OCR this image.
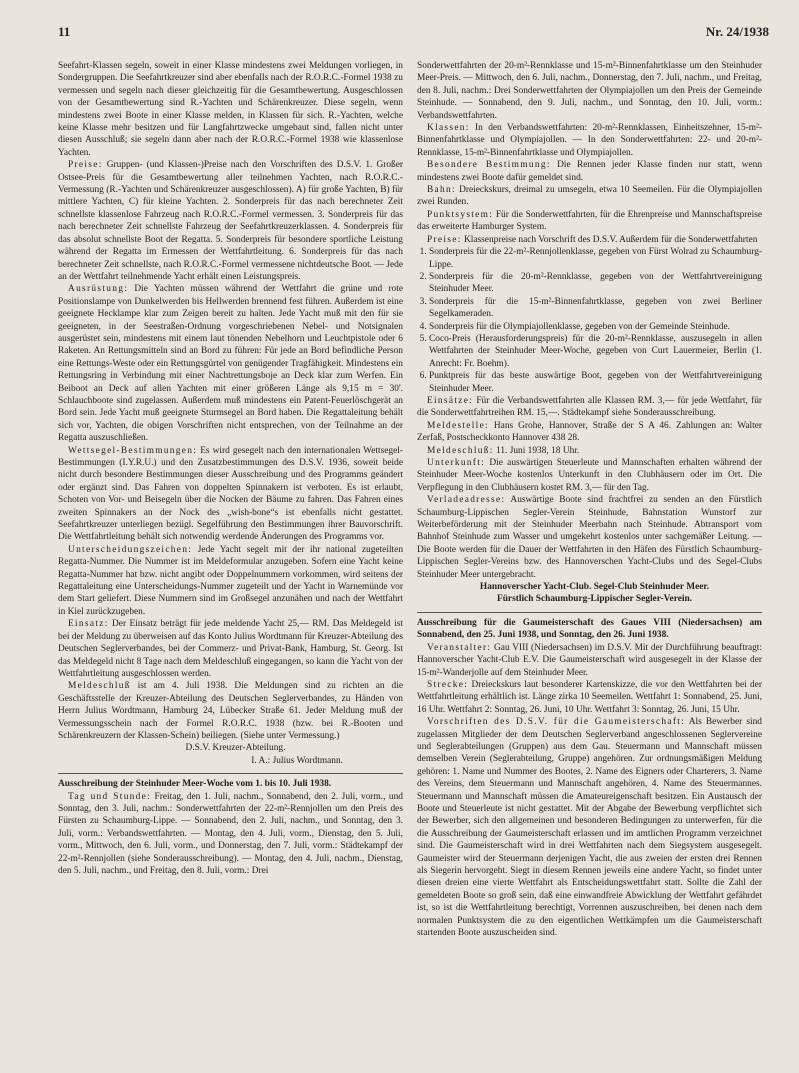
11	Nr. 24/1938

Seefahrt-Klassen segeln, soweit in einer Klasse mindestens zwei Meldungen vorliegen, in Sondergruppen. Die Seefahrtkreuzer sind aber ebenfalls nach der R.O.R.C.-Formel 1938 zu vermessen und segeln nach dieser gleichzeitig für die Gesamtbewertung. Ausgeschlossen von der Gesamtbewertung sind R.-Yachten und Schärenkreuzer. Diese segeln, wenn mindestens zwei Boote in einer Klasse melden, in Klassen für sich. R.-Yachten, welche keine Klasse mehr besitzen und für Langfahrtzwecke umgebaut sind, fallen nicht unter diesen Ausschluß; sie segeln dann aber nach der R.O.R.C.-Formel 1938 wie klassenlose Yachten.

Preise: Gruppen- (und Klassen-)Preise nach den Vorschriften des D.S.V. 1. Großer Ostsee-Preis für die Gesamtbewertung aller teilnehmen Yachten, nach R.O.R.C.-Vermessung (R.-Yachten und Schärenkreuzer ausgeschlossen). A) für große Yachten, B) für mittlere Yachten, C) für kleine Yachten. 2. Sonderpreis für das nach berechneter Zeit schnellste klassenlose Fahrzeug nach R.O.R.C.-Formel vermessen. 3. Sonderpreis für das nach berechneter Zeit schnellste Fahrzeug der Seefahrtkreuzerklassen. 4. Sonderpreis für das absolut schnellste Boot der Regatta. 5. Sonderpreis für besondere sportliche Leistung während der Regatta im Ermessen der Wettfahrtleitung. 6. Sonderpreis für das nach berechneter Zeit schnellste, nach R.O.R.C.-Formel vermessene nichtdeutsche Boot. — Jede an der Wettfahrt teilnehmende Yacht erhält einen Leistungspreis.

Ausrüstung: Die Yachten müssen während der Wettfahrt die grüne und rote Positionslampe von Dunkelwerden bis Hellwerden brennend fest führen. Außerdem ist eine geeignete Hecklampe klar zum Zeigen bereit zu halten. Jede Yacht muß mit den für sie geeigneten, in der Seestraßen-Ordnung vorgeschriebenen Nebel- und Notsignalen ausgerüstet sein, mindestens mit einem laut tönenden Nebelhorn und Leuchtpistole oder 6 Raketen. An Rettungsmitteln sind an Bord zu führen: Für jede an Bord befindliche Person eine Rettungs-Weste oder ein Rettungsgürtel von genügender Tragfähigkeit. Mindestens ein Rettungsring in Verbindung mit einer Nachtrettungsboje an Deck klar zum Werfen. Ein Beiboot an Deck auf allen Yachten mit einer größeren Länge als 9,15 m = 30'. Schlauchboote sind zugelassen. Außerdem muß mindestens ein Patent-Feuerlöschgerät an Bord sein. Jede Yacht muß geeignete Sturmsegel an Bord haben. Die Regattaleitung behält sich vor, Yachten, die obigen Vorschriften nicht entsprechen, von der Teilnahme an der Regatta auszuschließen.

Wettsegel-Bestimmungen: Es wird gesegelt nach den internationalen Wettsegel-Bestimmungen (I.Y.R.U.) und den Zusatzbestimmungen des D.S.V. 1936, soweit beide nicht durch besondere Bestimmungen dieser Ausschreibung und des Programms geändert oder ergänzt sind. Das Fahren von doppelten Spinnakern ist verboten. Es ist erlaubt, Schoten von Vor- und Beisegeln über die Nocken der Bäume zu fahren. Das Fahren eines zweiten Spinnakers an der Nock des „wish-bone“s ist ebenfalls nicht gestattet. Seefahrtkreuzer unterliegen bezügl. Segelführung den Bestimmungen ihrer Bauvorschrift. Die Wettfahrtleitung behält sich notwendig werdende Änderungen des Programms vor.

Unterscheidungszeichen: Jede Yacht segelt mit der ihr national zugeteilten Regatta-Nummer. Die Nummer ist im Meldeformular anzugeben. Sofern eine Yacht keine Regatta-Nummer hat bzw. nicht angibt oder Doppelnummern vorkommen, wird seitens der Regattaleitung eine Unterscheidungs-Nummer zugeteilt und der Yacht in Warnemünde vor dem Start geliefert. Diese Nummern sind im Großsegel anzunähen und nach der Wettfahrt in Kiel zurückzugeben.

Einsatz: Der Einsatz beträgt für jede meldende Yacht 25,— RM. Das Meldegeld ist bei der Meldung zu überweisen auf das Konto Julius Wordtmann für Kreuzer-Abteilung des Deutschen Seglerverbandes, bei der Commerz- und Privat-Bank, Hamburg, St. Georg. Ist das Meldegeld nicht 8 Tage nach dem Meldeschluß eingegangen, so kann die Yacht von der Wettfahrtleitung ausgeschlossen werden.

Meldeschluß ist am 4. Juli 1938. Die Meldungen sind zu richten an die Geschäftsstelle der Kreuzer-Abteilung des Deutschen Seglerverbandes, zu Händen von Herrn Julius Wordtmann, Hamburg 24, Lübecker Straße 61. Jeder Meldung muß der Vermessungsschein nach der Formel R.O.R.C. 1938 (bzw. bei R.-Booten und Schärenkreuzern der Klassen-Schein) beiliegen. (Siehe unter Vermessung.)

D.S.V. Kreuzer-Abteilung.

I. A.: Julius Wordtmann.

Ausschreibung der Steinhuder Meer-Woche vom 1. bis 10. Juli 1938.

Tag und Stunde: Freitag, den 1. Juli, nachm., Sonnabend, den 2. Juli, vorm., und Sonntag, den 3. Juli, nachm.: Sonderwettfahrten der 22-m²-Rennjollen um den Preis des Fürsten zu Schaumburg-Lippe. — Sonnabend, den 2. Juli, nachm., und Sonntag, den 3. Juli, vorm.: Verbandswettfahrten. — Montag, den 4. Juli, vorm., Dienstag, den 5. Juli, vorm., Mittwoch, den 6. Juli, vorm., und Donnerstag, den 7. Juli, vorm.: Städtekampf der 22-m²-Rennjollen (siehe Sonderausschreibung). — Montag, den 4. Juli, nachm., Dienstag, den 5. Juli, nachm., und Freitag, den 8. Juli, vorm.: Drei

Sonderwettfahrten der 20-m²-Rennklasse und 15-m²-Binnenfahrtklasse um den Steinhuder Meer-Preis. — Mittwoch, den 6. Juli, nachm., Donnerstag, den 7. Juli, nachm., und Freitag, den 8. Juli, nachm.: Drei Sonderwettfahrten der Olympiajollen um den Preis der Gemeinde Steinhude. — Sonnabend, den 9. Juli, nachm., und Sonntag, den 10. Juli, vorm.: Verbandswettfahrten.

Klassen: In den Verbandswettfahrten: 20-m²-Rennklassen, Einheitszehner, 15-m²-Binnenfahrtklasse und Olympiajollen. — In den Sonderwettfahrten: 22- und 20-m²-Rennklasse, 15-m²-Binnenfahrtklasse und Olympiajollen.

Besondere Bestimmung: Die Rennen jeder Klasse finden nur statt, wenn mindestens zwei Boote dafür gemeldet sind.

Bahn: Dreieckskurs, dreimal zu umsegeln, etwa 10 Seemeilen. Für die Olympiajollen zwei Runden.

Punktsystem: Für die Sonderwettfahrten, für die Ehrenpreise und Mannschaftspreise das erweiterte Hamburger System.

Preise: Klassenpreise nach Vorschrift des D.S.V. Außerdem für die Sonderwettfahrten

1. Sonderpreis für die 22-m²-Rennjollenklasse, gegeben von Fürst Wolrad zu Schaumburg-Lippe.
2. Sonderpreis für die 20-m²-Rennklasse, gegeben von der Wettfahrtvereinigung Steinhuder Meer.
3. Sonderpreis für die 15-m²-Binnenfahrtklasse, gegeben von zwei Berliner Segelkameraden.
4. Sonderpreis für die Olympiajollenklasse, gegeben von der Gemeinde Steinhude.
5. Coco-Preis (Herausforderungspreis) für die 20-m²-Rennklasse, auszusegeln in allen Wettfahrten der Steinhuder Meer-Woche, gegeben von Curt Lauermeier, Berlin (1. Anrecht: Fr. Boehm).
6. Punktpreis für das beste auswärtige Boot, gegeben von der Wettfahrtvereinigung Steinhuder Meer.

Einsätze: Für die Verbandswettfahrten alle Klassen RM. 3,— für jede Wettfahrt, für die Sonderwettfahrtreihen RM. 15,—. Städtekampf siehe Sonderausschreibung.

Meldestelle: Hans Grohe, Hannover, Straße der S A 46. Zahlungen an: Walter Zerfaß, Postscheckkonto Hannover 438 28.

Meldeschluß: 11. Juni 1938, 18 Uhr.

Unterkunft: Die auswärtigen Steuerleute und Mannschaften erhalten während der Steinhuder Meer-Woche kostenlos Unterkunft in den Clubhäusern oder im Ort. Die Verpflegung in den Clubhäusern kostet RM. 3,— für den Tag.

Verladeadresse: Auswärtige Boote sind frachtfrei zu senden an den Fürstlich Schaumburg-Lippischen Segler-Verein Steinhude, Bahnstation Wunstorf zur Weiterbeförderung mit der Steinhuder Meerbahn nach Steinhude. Abtransport vom Bahnhof Steinhude zum Wasser und umgekehrt kostenlos unter sachgemäßer Leitung. — Die Boote werden für die Dauer der Wettfahrten in den Häfen des Fürstlich Schaumburg-Lippischen Segler-Vereins bzw. des Hannoverschen Yacht-Clubs und des Segel-Clubs Steinhuder Meer untergebracht.

Hannoverscher Yacht-Club. Segel-Club Steinhuder Meer.

Fürstlich Schaumburg-Lippischer Segler-Verein.

Ausschreibung für die Gaumeisterschaft des Gaues VIII (Niedersachsen) am Sonnabend, den 25. Juni 1938, und Sonntag, den 26. Juni 1938.

Veranstalter: Gau VIII (Niedersachsen) im D.S.V. Mit der Durchführung beauftragt: Hannoverscher Yacht-Club E.V. Die Gaumeisterschaft wird ausgesegelt in der Klasse der 15-m²-Wanderjolle auf dem Steinhuder Meer.

Strecke: Dreieckskurs laut besonderer Kartenskizze, die vor den Wettfahrten bei der Wettfahrtleitung erhältlich ist. Länge zirka 10 Seemeilen. Wettfahrt 1: Sonnabend, 25. Juni, 16 Uhr. Wettfahrt 2: Sonntag, 26. Juni, 10 Uhr. Wettfahrt 3: Sonntag, 26. Juni, 15 Uhr.

Vorschriften des D.S.V. für die Gaumeisterschaft: Als Bewerber sind zugelassen Mitglieder der dem Deutschen Seglerverband angeschlossenen Seglervereine und Seglerabteilungen (Gruppen) aus dem Gau. Steuermann und Mannschaft müssen demselben Verein (Seglerabteilung, Gruppe) angehören. Zur ordnungsmäßigen Meldung gehören: 1. Name und Nummer des Bootes, 2. Name des Eigners oder Charterers, 3. Name des Vereins, dem Steuermann und Mannschaft angehören, 4. Name des Steuermannes. Steuermann und Mannschaft müssen die Amateureigenschaft besitzen. Ein Austausch der Boote und Steuerleute ist nicht gestattet. Mit der Abgabe der Bewerbung verpflichtet sich der Bewerber, sich den allgemeinen und besonderen Bedingungen zu unterwerfen, für die die Ausschreibung der Gaumeisterschaft erlassen und im amtlichen Programm verzeichnet sind. Die Gaumeisterschaft wird in drei Wettfahrten nach dem Siegsystem ausgesegelt. Gaumeister wird der Steuermann derjenigen Yacht, die aus zweien der ersten drei Rennen als Siegerin hervorgeht. Siegt in diesem Rennen jeweils eine andere Yacht, so findet unter diesen dreien eine vierte Wettfahrt als Entscheidungswettfahrt statt. Sollte die Zahl der gemeldeten Boote so groß sein, daß eine einwandfreie Abwicklung der Wettfahrt gefährdet ist, so ist die Wettfahrtleitung berechtigt, Vorrennen auszuschreiben, bei denen nach dem normalen Punktsystem die zu den eigentlichen Wettkämpfen um die Gaumeisterschaft startenden Boote auszuscheiden sind.
